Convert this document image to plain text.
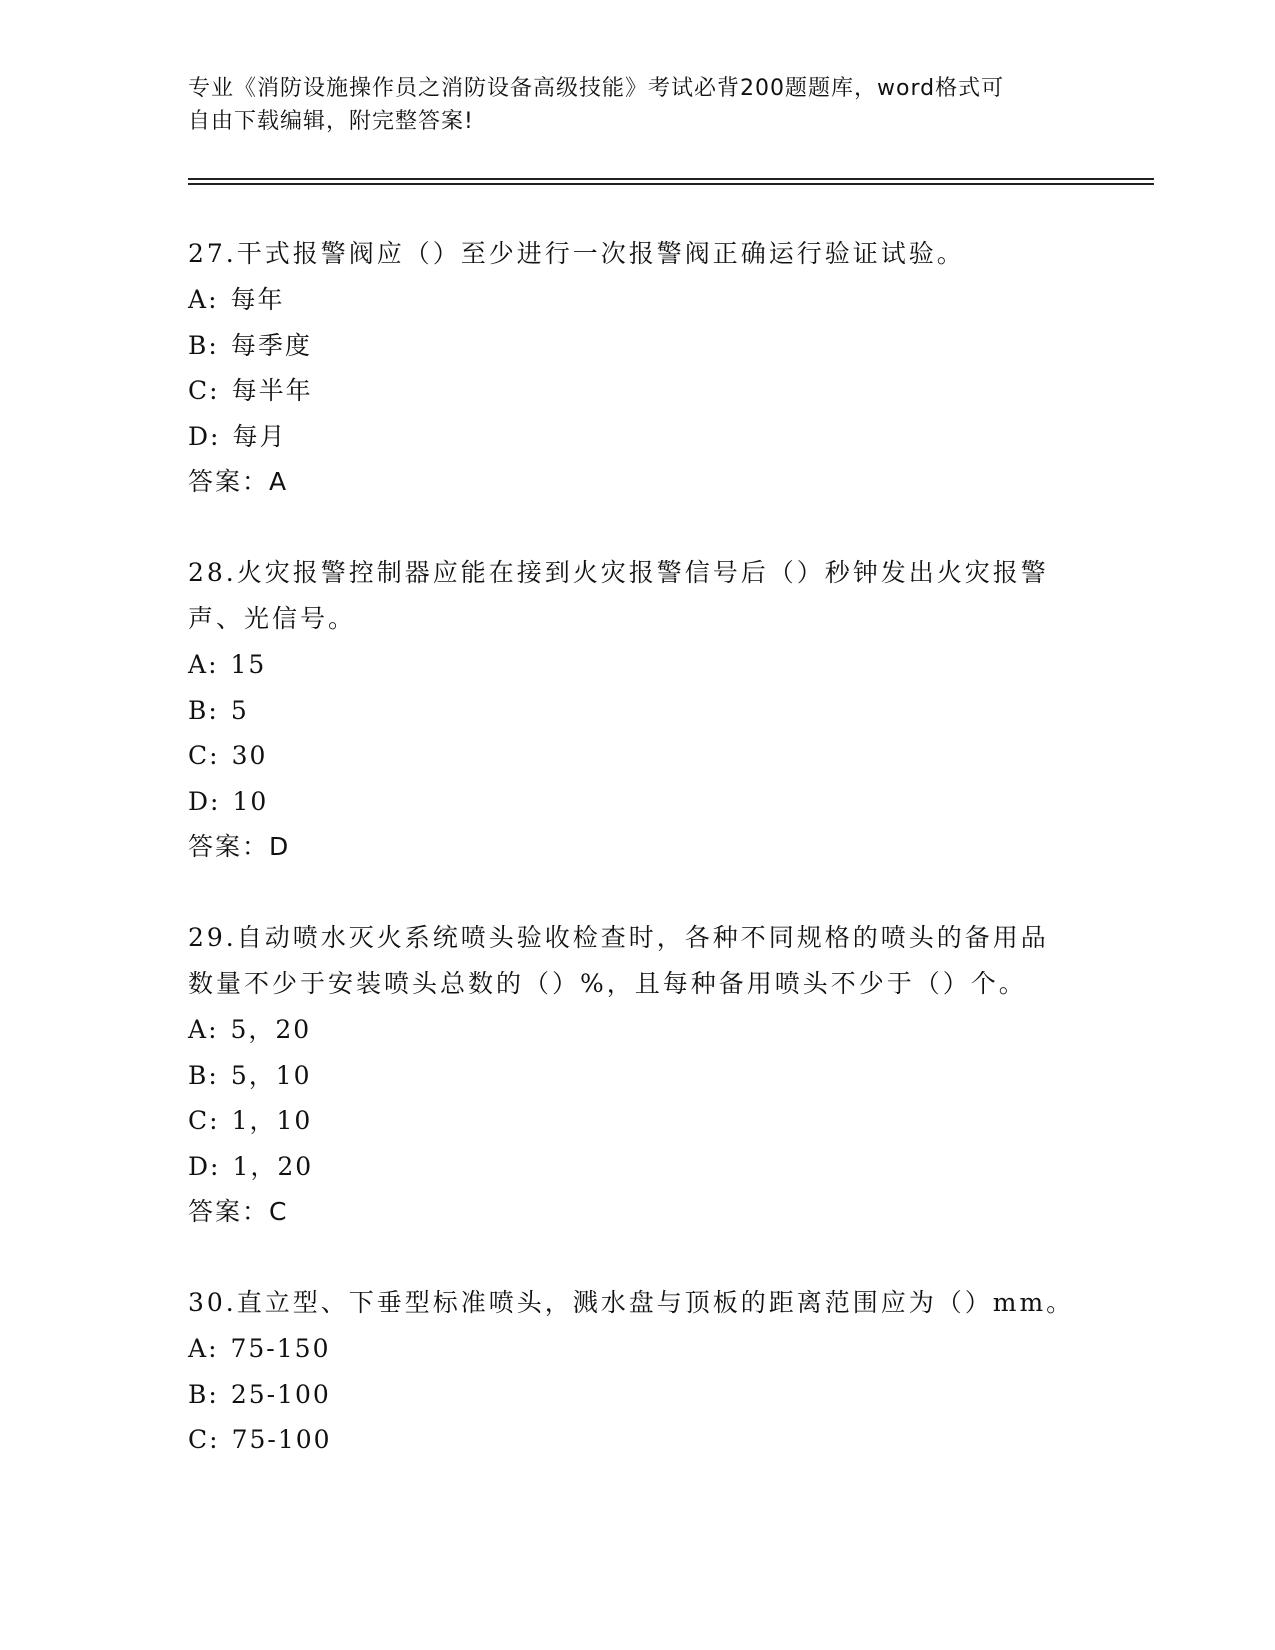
专业《消防设施操作员之消防设备高级技能》考试必背200题题库，word格式可
自由下载编辑，附完整答案!
27.干式报警阀应（）至少进行一次报警阀正确运行验证试验。
A: 每年
B: 每季度
C: 每半年
D: 每月
答案：A
28.火灾报警控制器应能在接到火灾报警信号后（）秒钟发出火灾报警
声、光信号。
A: 15
B: 5
C: 30
D: 10
答案：D
29.自动喷水灭火系统喷头验收检查时，各种不同规格的喷头的备用品
数量不少于安装喷头总数的（）%，且每种备用喷头不少于（）个。
A: 5，20
B: 5，10
C: 1，10
D: 1，20
答案：C
30.直立型、下垂型标准喷头，溅水盘与顶板的距离范围应为（）mm。
A: 75-150
B: 25-100
C: 75-100
